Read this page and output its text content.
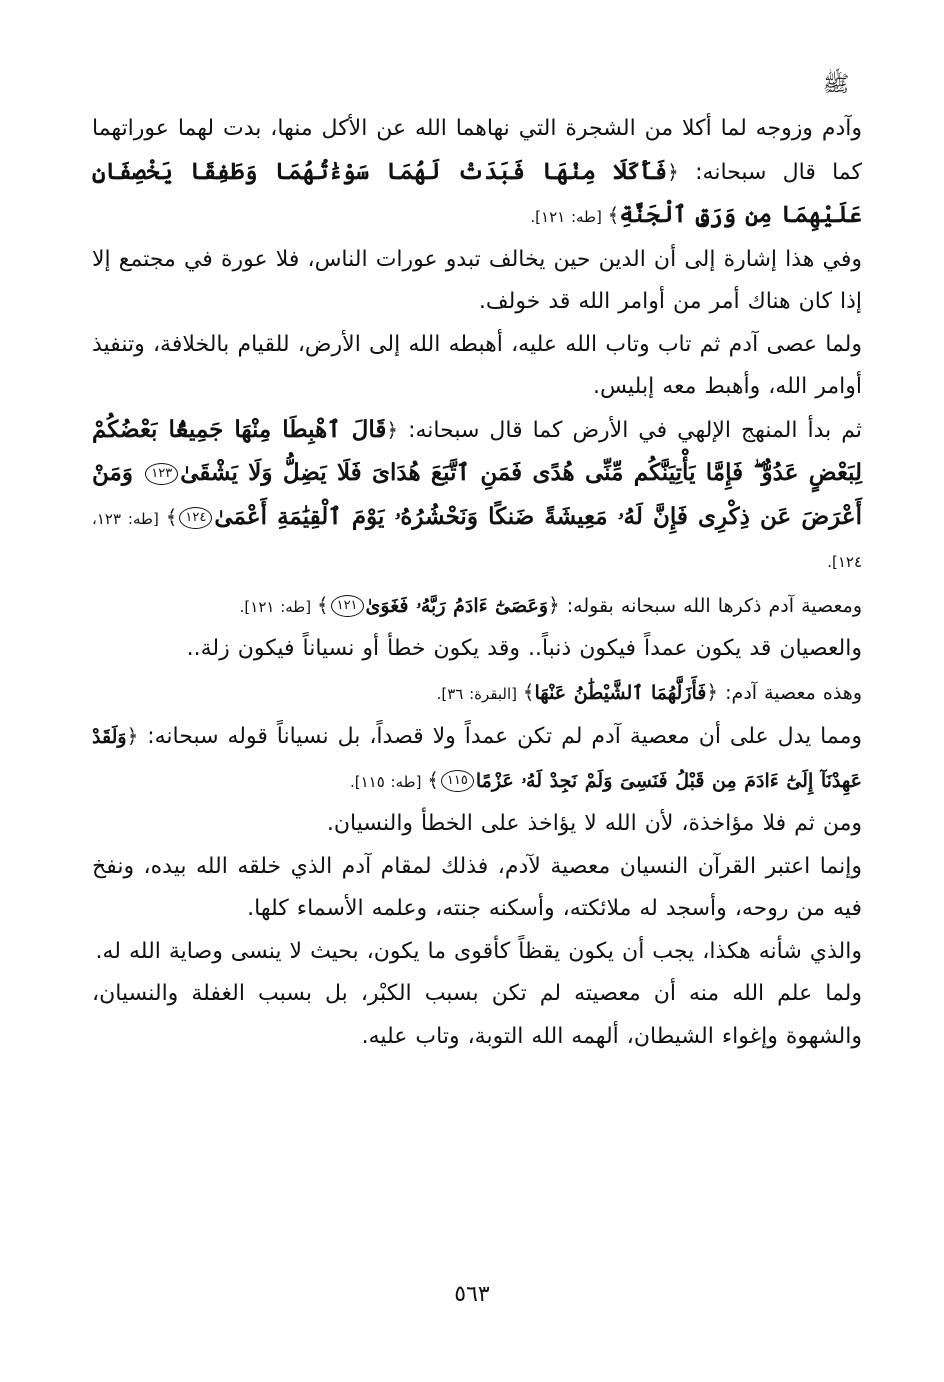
ﷺ

وآدم وزوجه لما أكلا من الشجرة التي نهاهما الله عن الأكل منها، بدت لهما عوراتهما كما قال سبحانه: ﴿فَأَكَلَا مِنْهَا فَبَدَتْ لَهُمَا سَوْءَٰتُهُمَا وَطَفِقَا يَخْصِفَانِ عَلَيْهِمَا مِن وَرَقِ ٱلْجَنَّةِ﴾ [طه: ١٢١].

وفي هذا إشارة إلى أن الدين حين يخالف تبدو عورات الناس، فلا عورة في مجتمع إلا إذا كان هناك أمر من أوامر الله قد خولف.

ولما عصى آدم ثم تاب وتاب الله عليه، أهبطه الله إلى الأرض، للقيام بالخلافة، وتنفيذ أوامر الله، وأهبط معه إبليس.

ثم بدأ المنهج الإلهي في الأرض كما قال سبحانه: ﴿قَالَ ٱهْبِطَا مِنْهَا جَمِيعًۢا بَعْضُكُمْ لِبَعْضٍ عَدُوٌّ ۖ فَإِمَّا يَأْتِيَنَّكُم مِّنِّى هُدًى فَمَنِ ٱتَّبَعَ هُدَاىَ فَلَا يَضِلُّ وَلَا يَشْقَىٰ١٢٣ وَمَنْ أَعْرَضَ عَن ذِكْرِى فَإِنَّ لَهُۥ مَعِيشَةً ضَنكًا وَنَحْشُرُهُۥ يَوْمَ ٱلْقِيَٰمَةِ أَعْمَىٰ١٢٤﴾ [طه: ١٢٣، ١٢٤].

ومعصية آدم ذكرها الله سبحانه بقوله: ﴿وَعَصَىٰٓ ءَادَمُ رَبَّهُۥ فَغَوَىٰ١٢١﴾ [طه: ١٢١].

والعصيان قد يكون عمداً فيكون ذنباً.. وقد يكون خطأ أو نسياناً فيكون زلة..

وهذه معصية آدم: ﴿فَأَزَلَّهُمَا ٱلشَّيْطَٰنُ عَنْهَا﴾ [البقرة: ٣٦].

ومما يدل على أن معصية آدم لم تكن عمداً ولا قصداً، بل نسياناً قوله سبحانه: ﴿وَلَقَدْ عَهِدْنَآ إِلَىٰٓ ءَادَمَ مِن قَبْلُ فَنَسِىَ وَلَمْ نَجِدْ لَهُۥ عَزْمًا١١٥﴾ [طه: ١١٥].

ومن ثم فلا مؤاخذة، لأن الله لا يؤاخذ على الخطأ والنسيان.

وإنما اعتبر القرآن النسيان معصية لآدم، فذلك لمقام آدم الذي خلقه الله بيده، ونفخ فيه من روحه، وأسجد له ملائكته، وأسكنه جنته، وعلمه الأسماء كلها.

والذي شأنه هكذا، يجب أن يكون يقظاً كأقوى ما يكون، بحيث لا ينسى وصاية الله له.

ولما علم الله منه أن معصيته لم تكن بسبب الكبْر، بل بسبب الغفلة والنسيان، والشهوة وإغواء الشيطان، ألهمه الله التوبة، وتاب عليه.

٥٦٣
